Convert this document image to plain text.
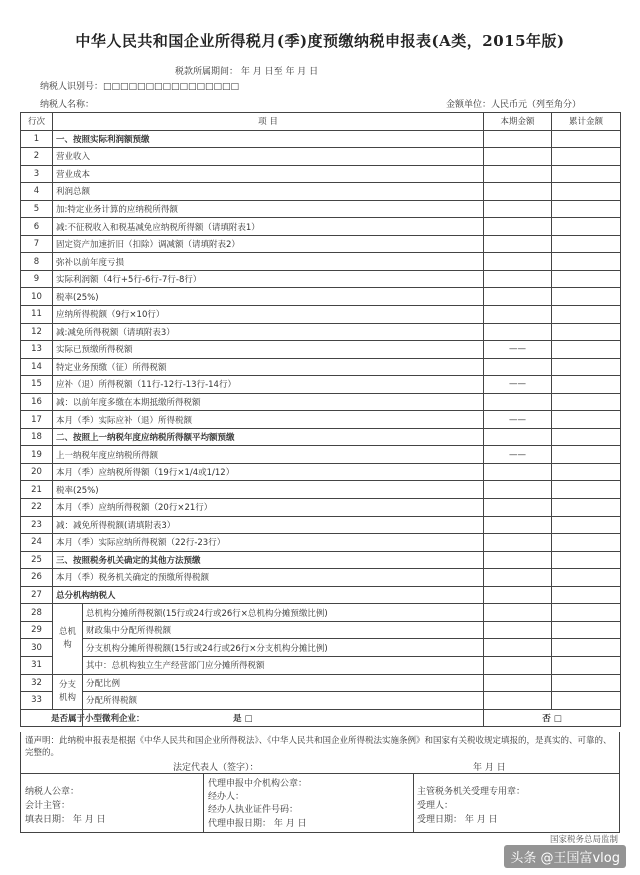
中华人民共和国企业所得税月(季)度预缴纳税申报表(A类，2015年版)
税款所属期间： 年 月 日至 年 月 日
纳税人识别号：□□□□□□□□□□□□□□□□
纳税人名称：	金额单位：人民币元（列至角分）
行次	项 目		本期金额	累计金额
1	一、按照实际利润额预缴			
2	营业收入			
3	营业成本			
4	利润总额			
5	加:特定业务计算的应纳税所得额			
6	减:不征税收入和税基减免应纳税所得额（请填附表1）			
7	固定资产加速折旧（扣除）调减额（请填附表2）			
8	弥补以前年度亏损			
9	实际利润额（4行+5行-6行-7行-8行）			
10	税率(25%)			
11	应纳所得税额（9行×10行）			
12	减:减免所得税额（请填附表3）			
13	实际已预缴所得税额		——	
14	特定业务预缴（征）所得税额			
15	应补（退）所得税额（11行-12行-13行-14行）		——	
16	减：以前年度多缴在本期抵缴所得税额			
17	本月（季）实际应补（退）所得税额		——	
18	二、按照上一纳税年度应纳税所得额平均额预缴			
19	上一纳税年度应纳税所得额		——	
20	本月（季）应纳税所得额（19行×1/4或1/12）			
21	税率(25%)			
22	本月（季）应纳所得税额（20行×21行）			
23	减：减免所得税额(请填附表3）			
24	本月（季）实际应纳所得税额（22行-23行）			
25	三、按照税务机关确定的其他方法预缴			
26	本月（季）税务机关确定的预缴所得税额			
27	总分机构纳税人			
28	总机构	总机构分摊所得税额(15行或24行或26行×总机构分摊预缴比例)		
29		财政集中分配所得税额		
30		分支机构分摊所得税额(15行或24行或26行×分支机构分摊比例)		
31		其中：总机构独立生产经营部门应分摊所得税额		
32	分支机构	分配比例		
33		分配所得税额		
是否属于小型微利企业：		是 □	否 □	
谨声明：此纳税申报表是根据《中华人民共和国企业所得税法》、《中华人民共和国企业所得税法实施条例》和国家有关税收规定填报的，是真实的、可靠的、完整的。
法定代表人（签字）：	年 月 日
纳税人公章：
会计主管：
填表日期： 年 月 日
代理申报中介机构公章：
经办人：
经办人执业证件号码：
代理申报日期： 年 月 日
主管税务机关受理专用章：
受理人：
受理日期： 年 月 日
国家税务总局监制
头条 @王国富vlog
